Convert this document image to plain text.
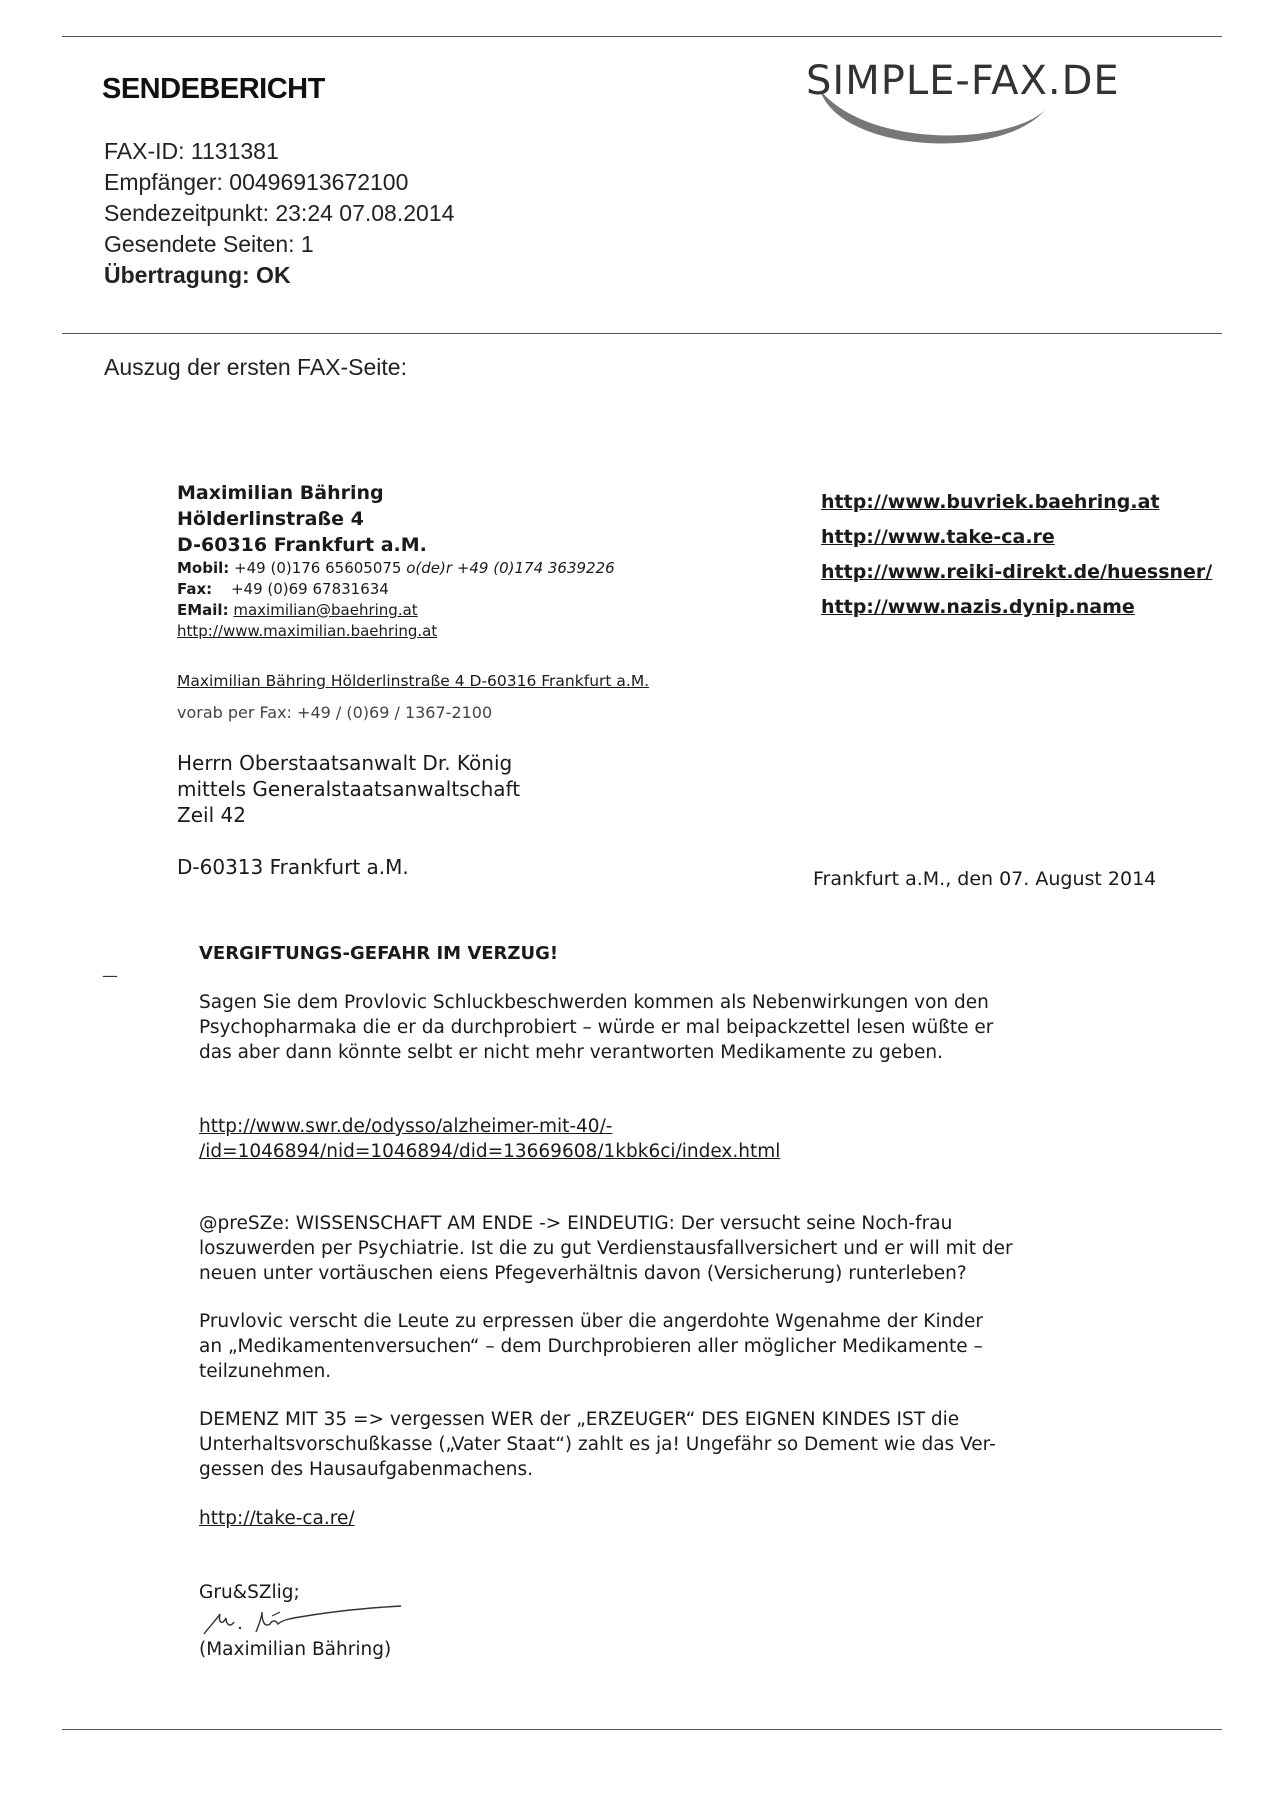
SENDEBERICHT
FAX-ID: 1131381
Empfänger: 00496913672100
Sendezeitpunkt: 23:24 07.08.2014
Gesendete Seiten: 1
Übertragung: OK
SIMPLE-FAX.DE
Auszug der ersten FAX-Seite:
Maximilian Bähring
Hölderlinstraße 4
D-60316 Frankfurt a.M.
Mobil: +49 (0)176 65605075 o(de)r +49 (0)174 3639226
Fax: +49 (0)69 67831634
EMail: maximilian@baehring.at
http://www.maximilian.baehring.at
http://www.buvriek.baehring.at
http://www.take-ca.re
http://www.reiki-direkt.de/huessner/
http://www.nazis.dynip.name
Maximilian Bähring Hölderlinstraße 4 D-60316 Frankfurt a.M.
vorab per Fax: +49 / (0)69 / 1367-2100
Herrn Oberstaatsanwalt Dr. König
mittels Generalstaatsanwaltschaft
Zeil 42
D-60313 Frankfurt a.M.	Frankfurt a.M., den 07. August 2014
—
VERGIFTUNGS-GEFAHR IM VERZUG!
Sagen Sie dem Provlovic Schluckbeschwerden kommen als Nebenwirkungen von den
Psychopharmaka die er da durchprobiert – würde er mal beipackzettel lesen wüßte er
das aber dann könnte selbt er nicht mehr verantworten Medikamente zu geben.
http://www.swr.de/odysso/alzheimer-mit-40/-
/id=1046894/nid=1046894/did=13669608/1kbk6ci/index.html
@preSZe: WISSENSCHAFT AM ENDE -> EINDEUTIG: Der versucht seine Noch-frau
loszuwerden per Psychiatrie. Ist die zu gut Verdienstausfallversichert und er will mit der
neuen unter vortäuschen eiens Pfegeverhältnis davon (Versicherung) runterleben?
Pruvlovic verscht die Leute zu erpressen über die angerdohte Wgenahme der Kinder
an „Medikamentenversuchen“ – dem Durchprobieren aller möglicher Medikamente –
teilzunehmen.
DEMENZ MIT 35 => vergessen WER der „ERZEUGER“ DES EIGNEN KINDES IST die
Unterhaltsvorschußkasse („Vater Staat“) zahlt es ja! Ungefähr so Dement wie das Ver-
gessen des Hausaufgabenmachens.
http://take-ca.re/
Gru&SZlig;
(Maximilian Bähring)
